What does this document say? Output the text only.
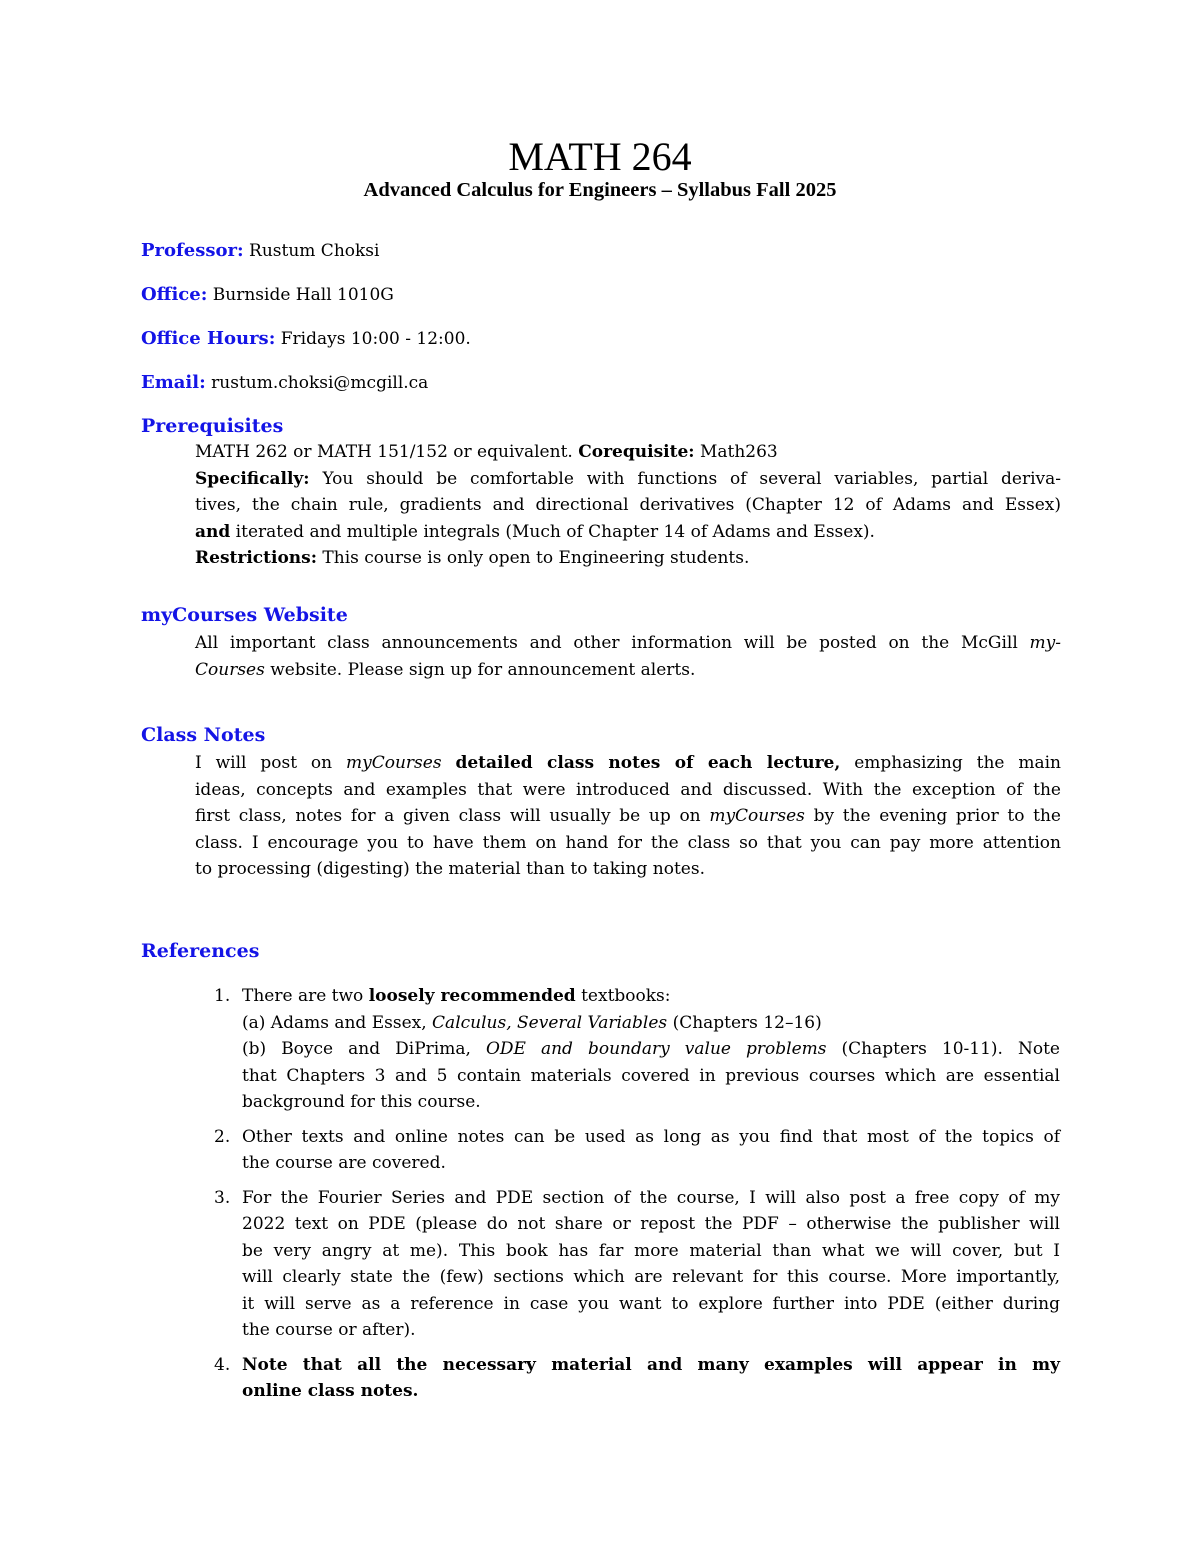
MATH 264
Advanced Calculus for Engineers – Syllabus Fall 2025
Professor: Rustum Choksi
Office: Burnside Hall 1010G
Office Hours: Fridays 10:00 - 12:00.
Email: rustum.choksi@mcgill.ca
Prerequisites
MATH 262 or MATH 151/152 or equivalent. Corequisite: Math263
Specifically: You should be comfortable with functions of several variables, partial deriva-
tives, the chain rule, gradients and directional derivatives (Chapter 12 of Adams and Essex)
and iterated and multiple integrals (Much of Chapter 14 of Adams and Essex).
Restrictions: This course is only open to Engineering students.
myCourses Website
All important class announcements and other information will be posted on the McGill my-
Courses website. Please sign up for announcement alerts.
Class Notes
I will post on myCourses detailed class notes of each lecture, emphasizing the main
ideas, concepts and examples that were introduced and discussed. With the exception of the
first class, notes for a given class will usually be up on myCourses by the evening prior to the
class. I encourage you to have them on hand for the class so that you can pay more attention
to processing (digesting) the material than to taking notes.
References
1. There are two loosely recommended textbooks:
(a) Adams and Essex, Calculus, Several Variables (Chapters 12–16)
(b) Boyce and DiPrima, ODE and boundary value problems (Chapters 10-11). Note
that Chapters 3 and 5 contain materials covered in previous courses which are essential
background for this course.
2. Other texts and online notes can be used as long as you find that most of the topics of
the course are covered.
3. For the Fourier Series and PDE section of the course, I will also post a free copy of my
2022 text on PDE (please do not share or repost the PDF – otherwise the publisher will
be very angry at me). This book has far more material than what we will cover, but I
will clearly state the (few) sections which are relevant for this course. More importantly,
it will serve as a reference in case you want to explore further into PDE (either during
the course or after).
4. Note that all the necessary material and many examples will appear in my
online class notes.
